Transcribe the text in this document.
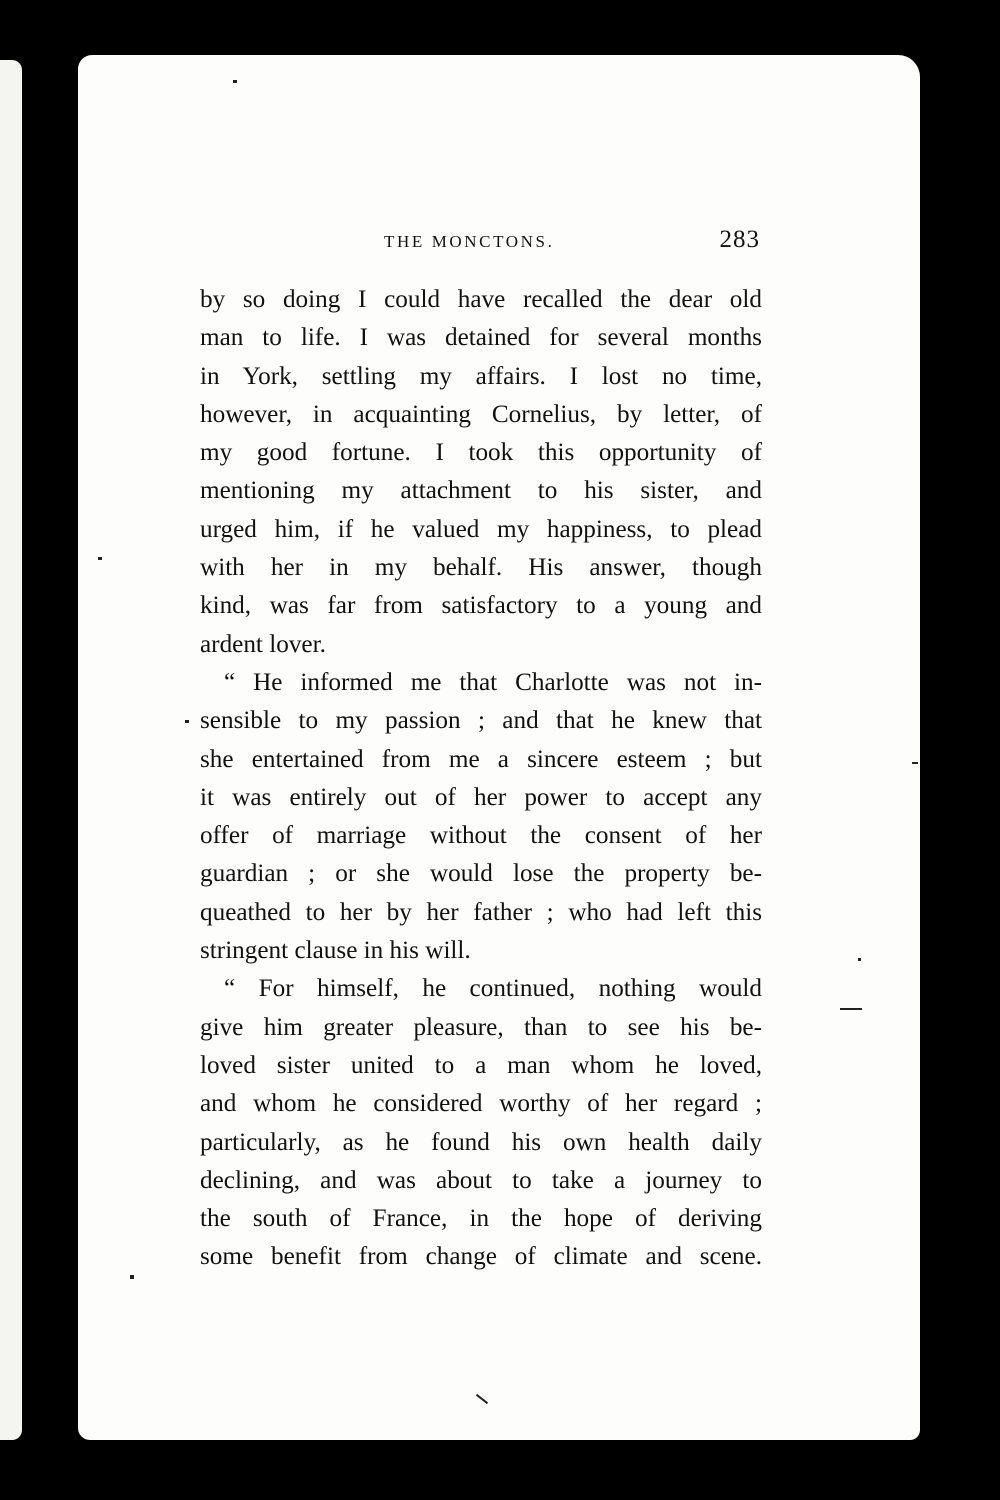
THE MONCTONS.	283
by so doing I could have recalled the dear old
man to life. I was detained for several months
in York, settling my affairs. I lost no time,
however, in acquainting Cornelius, by letter, of
my good fortune. I took this opportunity of
mentioning my attachment to his sister, and
urged him, if he valued my happiness, to plead
with her in my behalf. His answer, though
kind, was far from satisfactory to a young and
ardent lover.
“ He informed me that Charlotte was not in-
sensible to my passion ; and that he knew that
she entertained from me a sincere esteem ; but
it was entirely out of her power to accept any
offer of marriage without the consent of her
guardian ; or she would lose the property be-
queathed to her by her father ; who had left this
stringent clause in his will.
“ For himself, he continued, nothing would
give him greater pleasure, than to see his be-
loved sister united to a man whom he loved,
and whom he considered worthy of her regard ;
particularly, as he found his own health daily
declining, and was about to take a journey to
the south of France, in the hope of deriving
some benefit from change of climate and scene.
